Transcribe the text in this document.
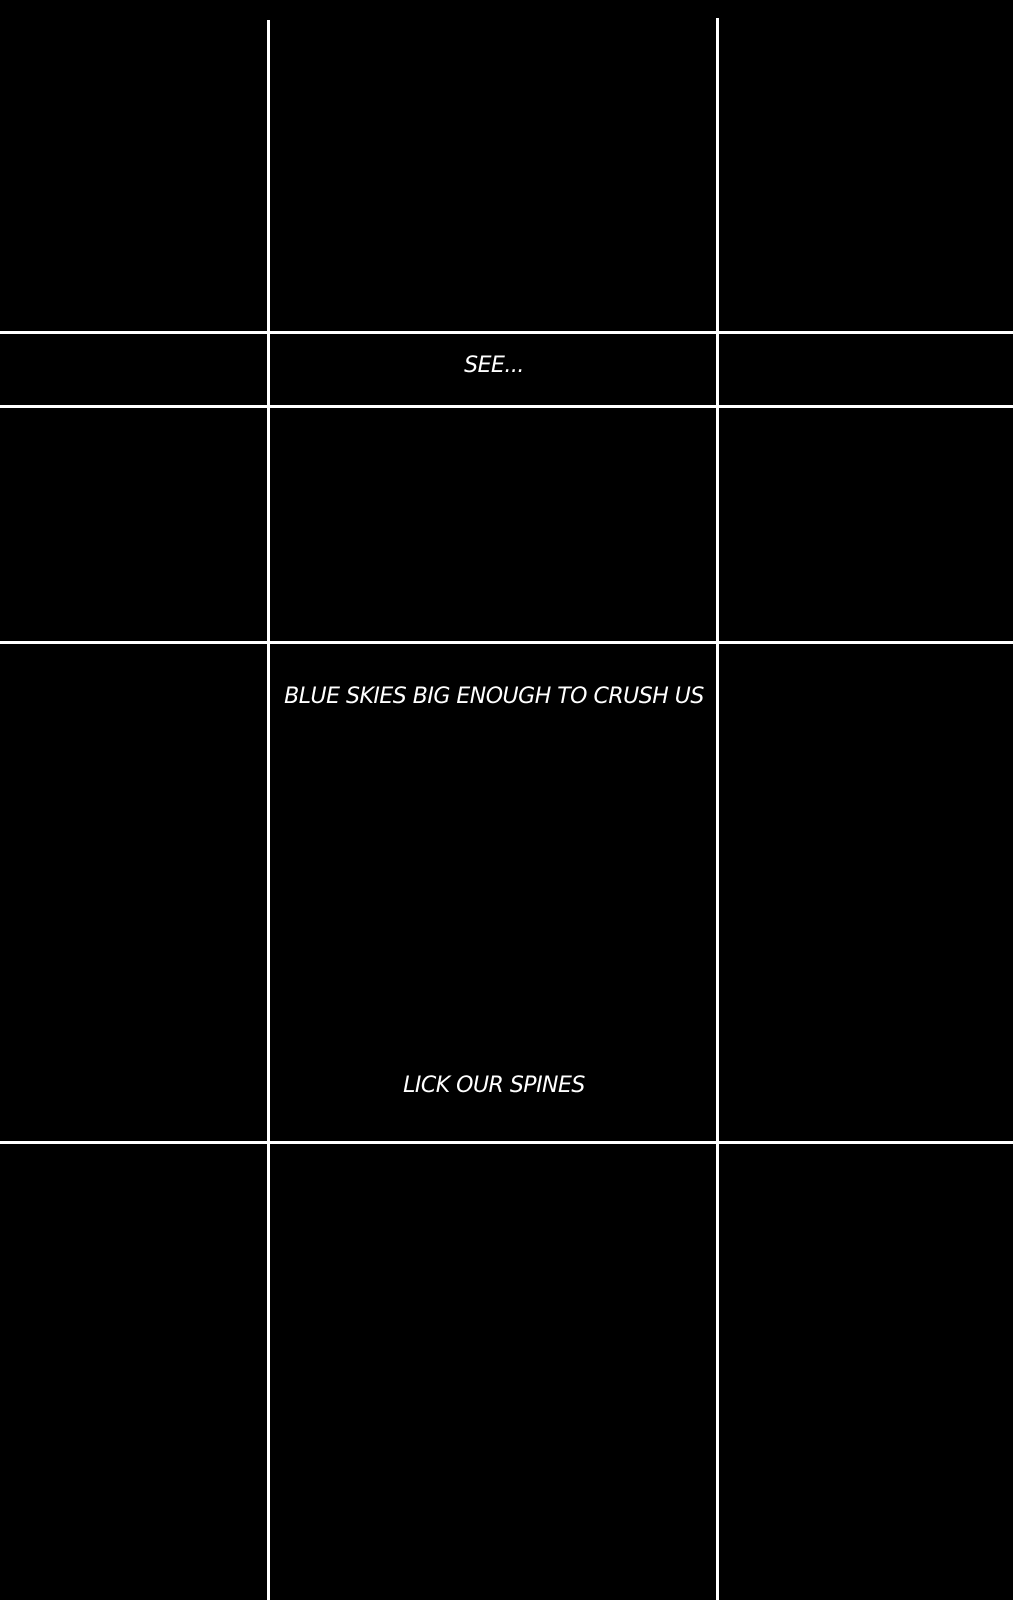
SEE...
BLUE SKIES BIG ENOUGH TO CRUSH US
LICK OUR SPINES
